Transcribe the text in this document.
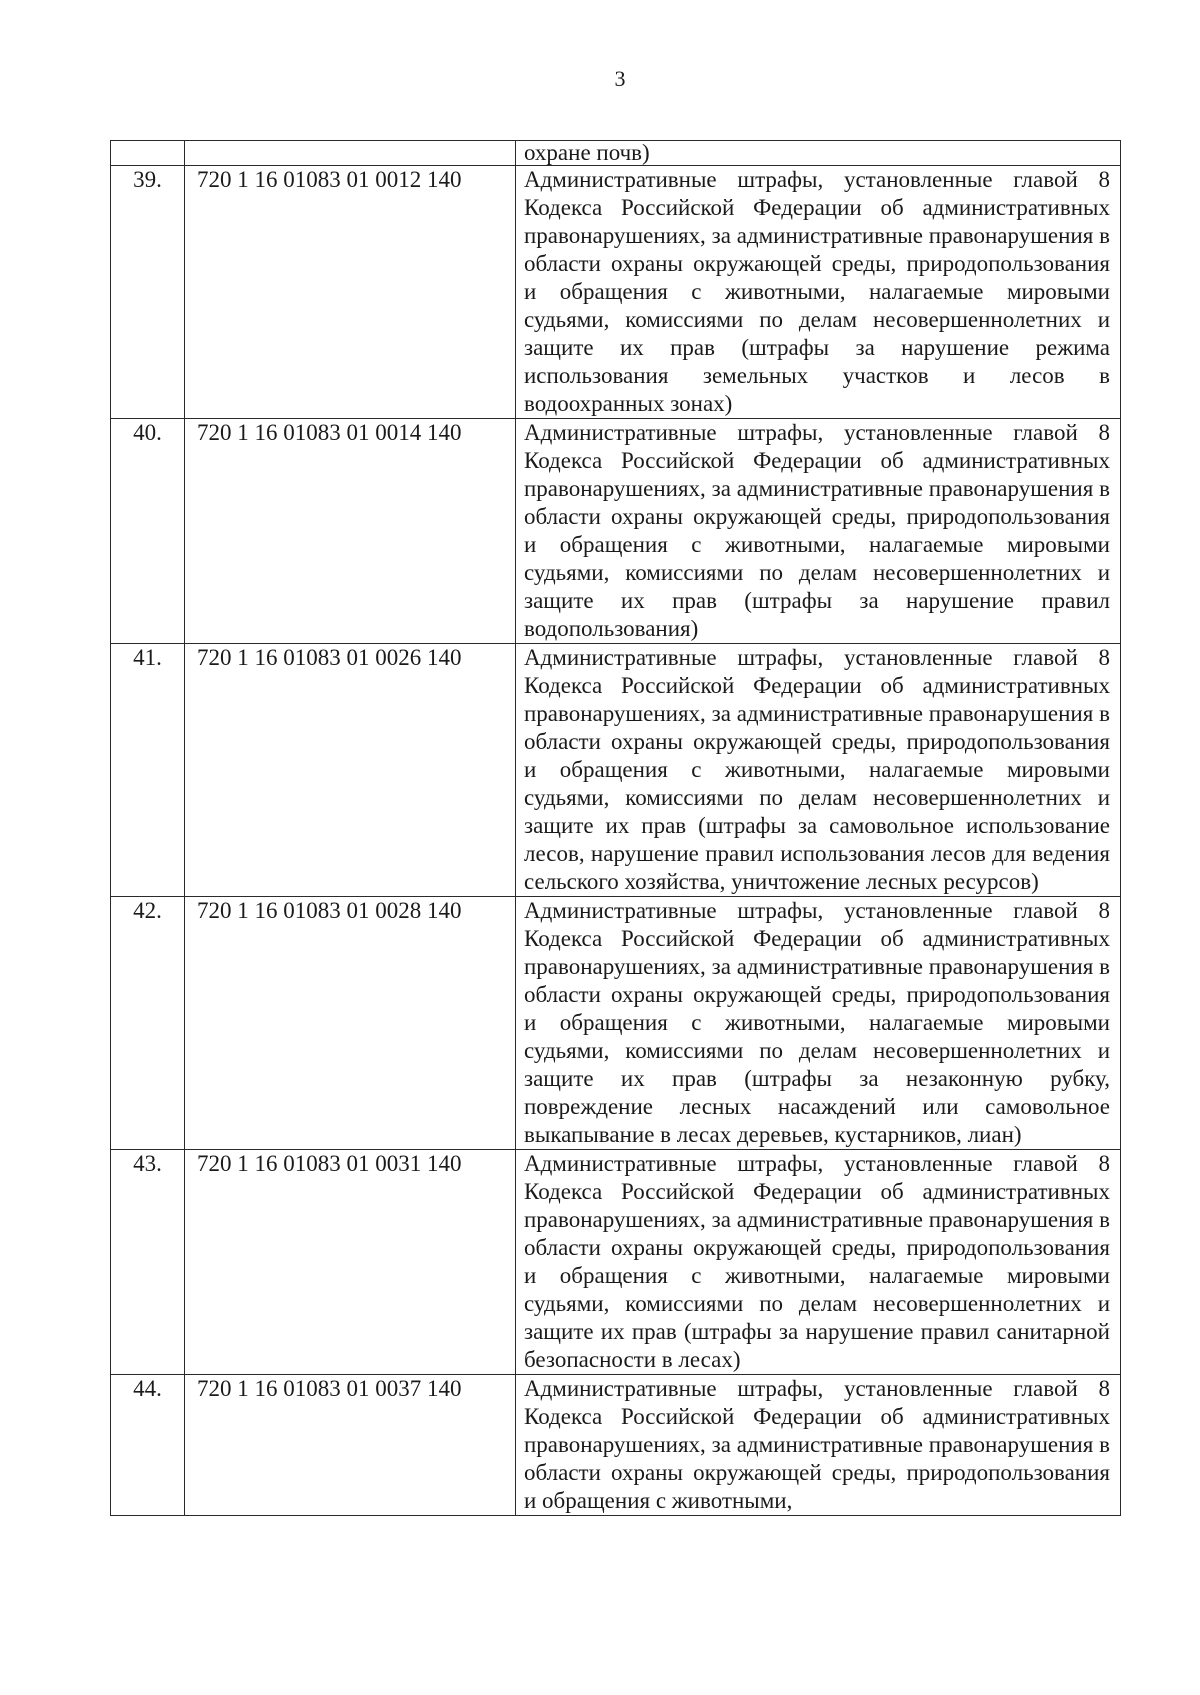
3
		охране почв)
39.	720 1 16 01083 01 0012 140	Административные штрафы, установленные главой 8 Кодекса Российской Федерации об административных правонарушениях, за административные правонарушения в области охраны окружающей среды, природопользования и обращения с животными, налагаемые мировыми судьями, комиссиями по делам несовершеннолетних и защите их прав (штрафы за нарушение режима использования земельных участков и лесов в водоохранных зонах)
40.	720 1 16 01083 01 0014 140	Административные штрафы, установленные главой 8 Кодекса Российской Федерации об административных правонарушениях, за административные правонарушения в области охраны окружающей среды, природопользования и обращения с животными, налагаемые мировыми судьями, комиссиями по делам несовершеннолетних и защите их прав (штрафы за нарушение правил водопользования)
41.	720 1 16 01083 01 0026 140	Административные штрафы, установленные главой 8 Кодекса Российской Федерации об административных правонарушениях, за административные правонарушения в области охраны окружающей среды, природопользования и обращения с животными, налагаемые мировыми судьями, комиссиями по делам несовершеннолетних и защите их прав (штрафы за самовольное использование лесов, нарушение правил использования лесов для ведения сельского хозяйства, уничтожение лесных ресурсов)
42.	720 1 16 01083 01 0028 140	Административные штрафы, установленные главой 8 Кодекса Российской Федерации об административных правонарушениях, за административные правонарушения в области охраны окружающей среды, природопользования и обращения с животными, налагаемые мировыми судьями, комиссиями по делам несовершеннолетних и защите их прав (штрафы за незаконную рубку, повреждение лесных насаждений или самовольное выкапывание в лесах деревьев, кустарников, лиан)
43.	720 1 16 01083 01 0031 140	Административные штрафы, установленные главой 8 Кодекса Российской Федерации об административных правонарушениях, за административные правонарушения в области охраны окружающей среды, природопользования и обращения с животными, налагаемые мировыми судьями, комиссиями по делам несовершеннолетних и защите их прав (штрафы за нарушение правил санитарной безопасности в лесах)
44.	720 1 16 01083 01 0037 140	Административные штрафы, установленные главой 8 Кодекса Российской Федерации об административных правонарушениях, за административные правонарушения в области охраны окружающей среды, природопользования и обращения с животными,
